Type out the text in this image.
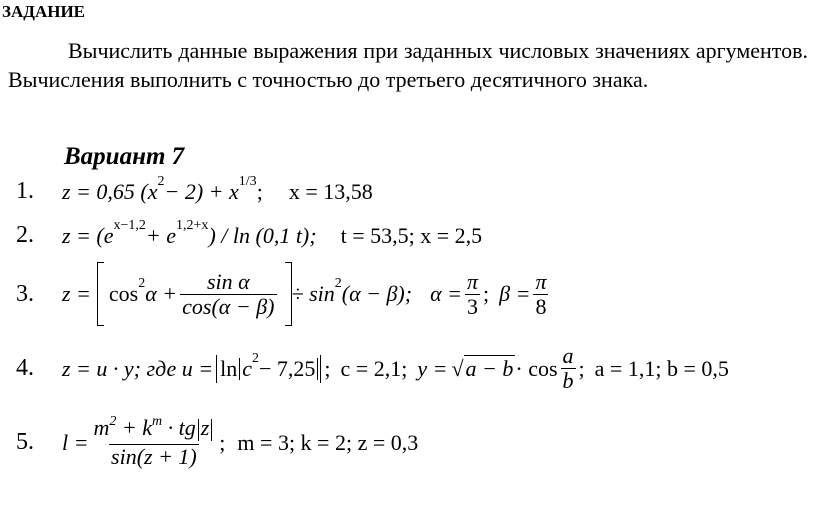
ЗАДАНИЕ
Вычислить данные выражения при заданных числовых значениях аргументов. Вычисления выполнить с точностью до третьего десятичного знака.
Вариант 7
1.	z = 0,65 $(x^2 - 2) + x^{1/3}$ ; x = 13,58
2.	$z = (e^{x-1,2} + e^{1,2+x}$ ) / ln (0,1 t); t = 53,5; x = 2,5
3.	$z = \cos^2 \alpha + \frac{\text{sin α}}{\cos(\alpha - \beta)} \div \sin^2 (\alpha - \beta)$; $\alpha = \frac{\pi}{3}$ ; $\beta = \frac{\pi}{8}$
4.	z = u · y; где $u = \ln c^2 - 7,25$ ; c = 2,1; y = √ $a - b \cdot \cos \frac{a}{b}$ ; a = 1,1; b = 0,5
5.	$l = \frac{m^2 + k^m \cdot tg z}{\sin(z + 1)}$ ; m = 3; k = 2; z = 0,3
